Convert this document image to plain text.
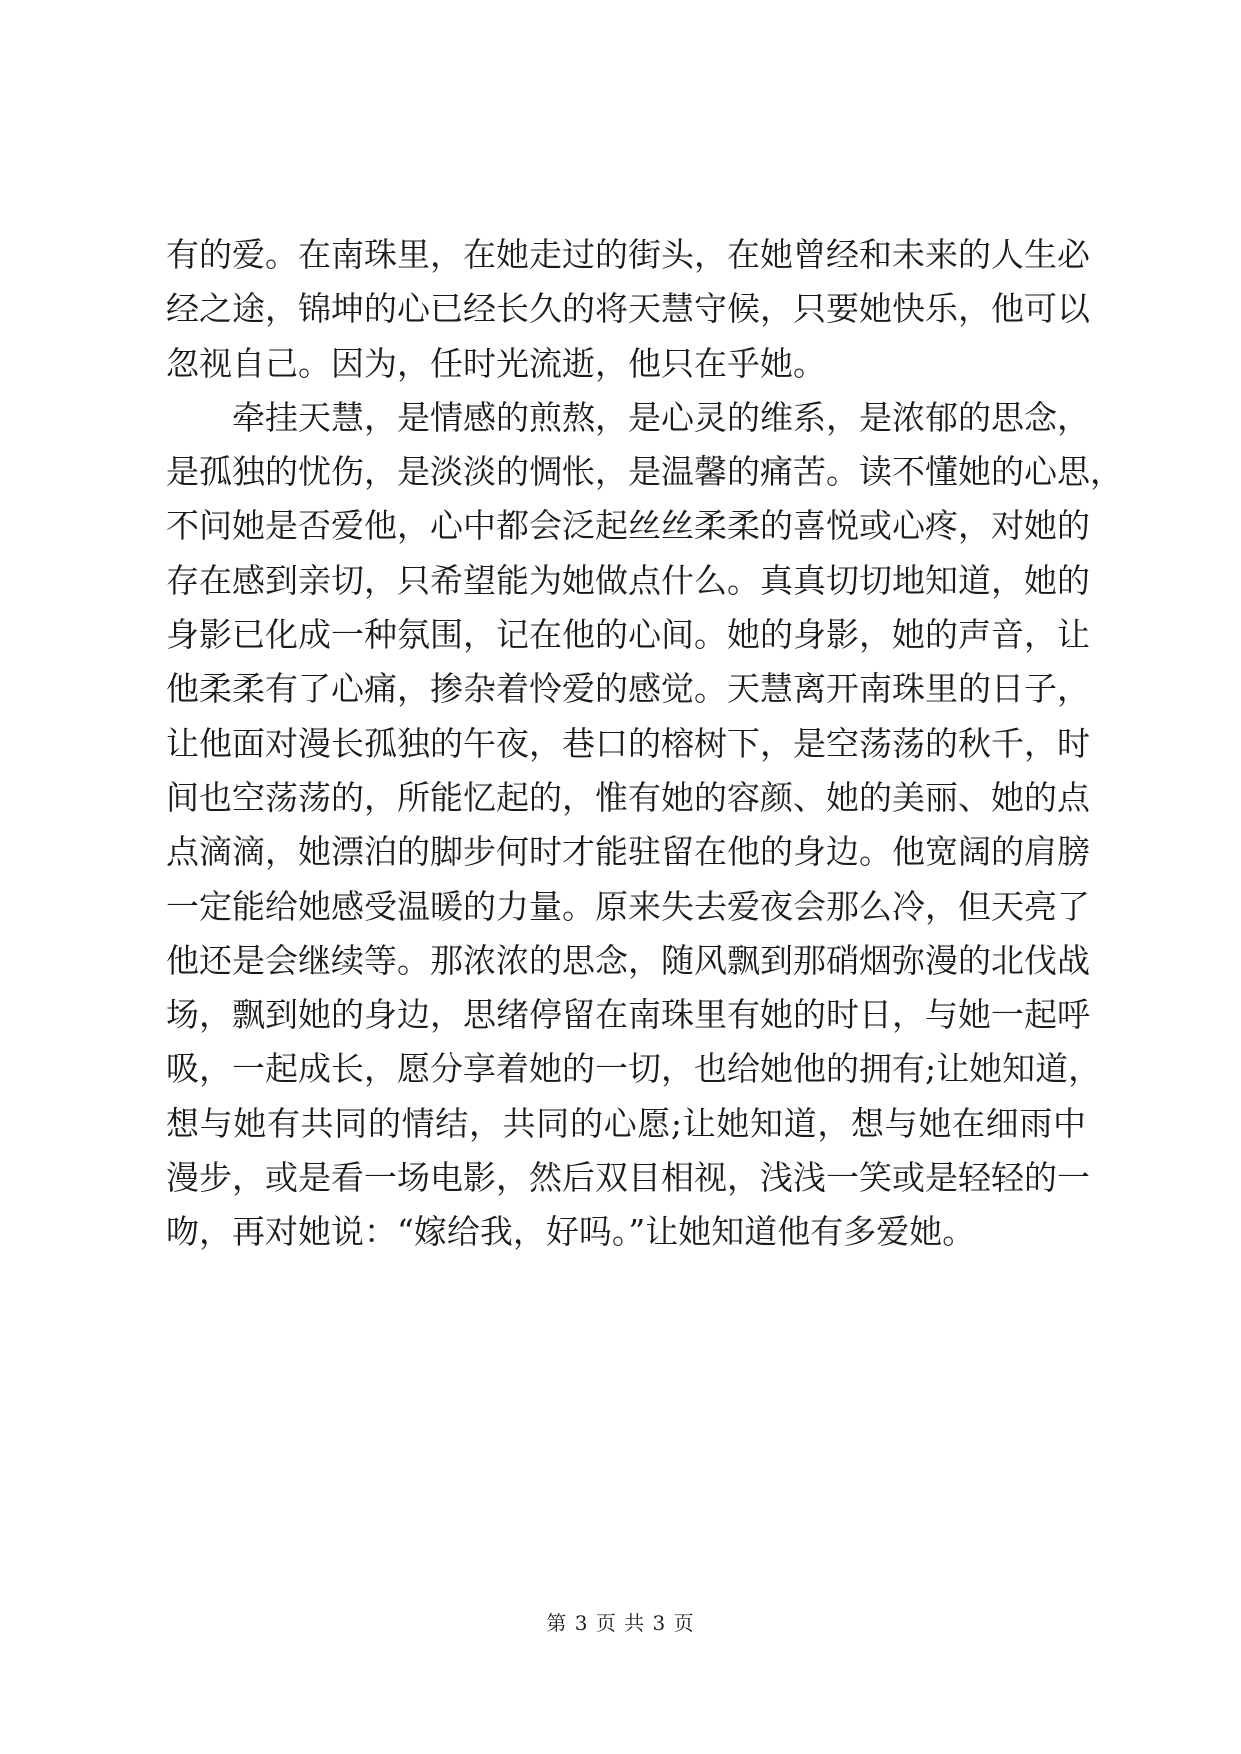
有的爱。在南珠里，在她走过的街头，在她曾经和未来的人生必
经之途，锦坤的心已经长久的将天慧守候，只要她快乐，他可以
忽视自己。因为，任时光流逝，他只在乎她。
牵挂天慧，是情感的煎熬，是心灵的维系，是浓郁的思念，
是孤独的忧伤，是淡淡的惆怅，是温馨的痛苦。读不懂她的心思，
不问她是否爱他，心中都会泛起丝丝柔柔的喜悦或心疼，对她的
存在感到亲切，只希望能为她做点什么。真真切切地知道，她的
身影已化成一种氛围，记在他的心间。她的身影，她的声音，让
他柔柔有了心痛，掺杂着怜爱的感觉。天慧离开南珠里的日子，
让他面对漫长孤独的午夜，巷口的榕树下，是空荡荡的秋千，时
间也空荡荡的，所能忆起的，惟有她的容颜、她的美丽、她的点
点滴滴，她漂泊的脚步何时才能驻留在他的身边。他宽阔的肩膀
一定能给她感受温暖的力量。原来失去爱夜会那么冷，但天亮了
他还是会继续等。那浓浓的思念，随风飘到那硝烟弥漫的北伐战
场，飘到她的身边，思绪停留在南珠里有她的时日，与她一起呼
吸，一起成长，愿分享着她的一切，也给她他的拥有;让她知道，
想与她有共同的情结，共同的心愿;让她知道，想与她在细雨中
漫步，或是看一场电影，然后双目相视，浅浅一笑或是轻轻的一
吻，再对她说：“嫁给我，好吗。”让她知道他有多爱她。
第 3 页 共 3 页
